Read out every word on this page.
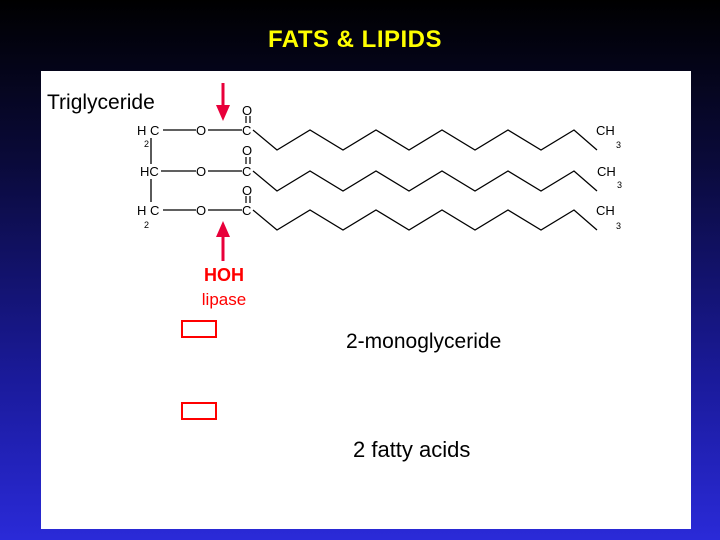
FATS & LIPIDS
H C
2
O	C
O
CH
3
HC	O	C
O
CH
3
H C
2
O	C
O
CH
3
Triglyceride
HOH
lipase
2-monoglyceride
2 fatty acids
